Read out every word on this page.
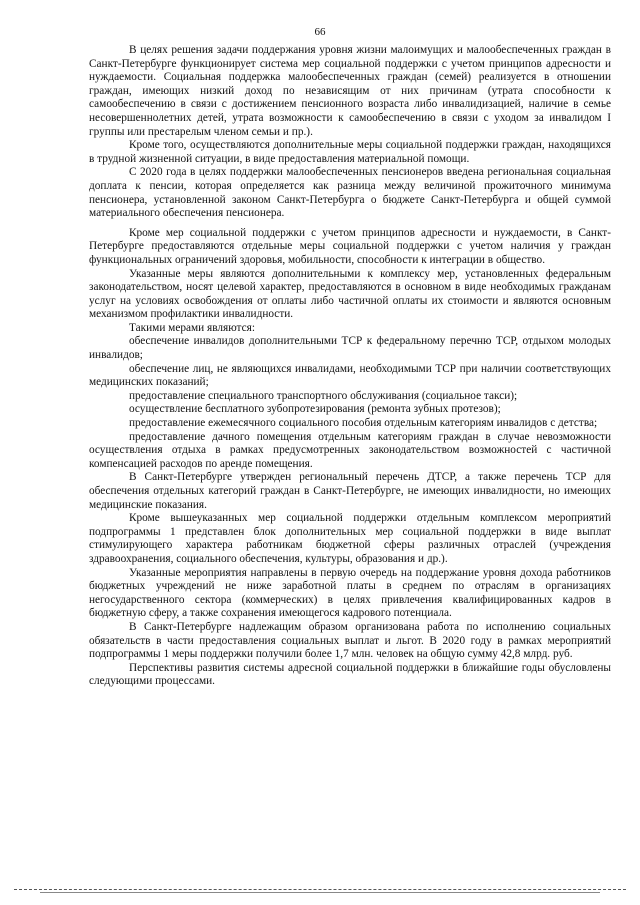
66

В целях решения задачи поддержания уровня жизни малоимущих и малообеспеченных граждан в Санкт-Петербурге функционирует система мер социальной поддержки с учетом принципов адресности и нуждаемости. Социальная поддержка малообеспеченных граждан (семей) реализуется в отношении граждан, имеющих низкий доход по независящим от них причинам (утрата способности к самообеспечению в связи с достижением пенсионного возраста либо инвалидизацией, наличие в семье несовершеннолетних детей, утрата возможности к самообеспечению в связи с уходом за инвалидом I группы или престарелым членом семьи и пр.).

Кроме того, осуществляются дополнительные меры социальной поддержки граждан, находящихся в трудной жизненной ситуации, в виде предоставления материальной помощи.

С 2020 года в целях поддержки малообеспеченных пенсионеров введена региональная социальная доплата к пенсии, которая определяется как разница между величиной прожиточного минимума пенсионера, установленной законом Санкт-Петербурга о бюджете Санкт-Петербурга и общей суммой материального обеспечения пенсионера.

Кроме мер социальной поддержки с учетом принципов адресности и нуждаемости, в Санкт-Петербурге предоставляются отдельные меры социальной поддержки с учетом наличия у граждан функциональных ограничений здоровья, мобильности, способности к интеграции в общество.

Указанные меры являются дополнительными к комплексу мер, установленных федеральным законодательством, носят целевой характер, предоставляются в основном в виде необходимых гражданам услуг на условиях освобождения от оплаты либо частичной оплаты их стоимости и являются основным механизмом профилактики инвалидности.

Такими мерами являются:

обеспечение инвалидов дополнительными ТСР к федеральному перечню ТСР, отдыхом молодых инвалидов;

обеспечение лиц, не являющихся инвалидами, необходимыми ТСР при наличии соответствующих медицинских показаний;

предоставление специального транспортного обслуживания (социальное такси);

осуществление бесплатного зубопротезирования (ремонта зубных протезов);

предоставление ежемесячного социального пособия отдельным категориям инвалидов с детства;

предоставление дачного помещения отдельным категориям граждан в случае невозможности осуществления отдыха в рамках предусмотренных законодательством возможностей с частичной компенсацией расходов по аренде помещения.

В Санкт-Петербурге утвержден региональный перечень ДТСР, а также перечень ТСР для обеспечения отдельных категорий граждан в Санкт-Петербурге, не имеющих инвалидности, но имеющих медицинские показания.

Кроме вышеуказанных мер социальной поддержки отдельным комплексом мероприятий подпрограммы 1 представлен блок дополнительных мер социальной поддержки в виде выплат стимулирующего характера работникам бюджетной сферы различных отраслей (учреждения здравоохранения, социального обеспечения, культуры, образования и др.).

Указанные мероприятия направлены в первую очередь на поддержание уровня дохода работников бюджетных учреждений не ниже заработной платы в среднем по отраслям в организациях негосударственного сектора (коммерческих) в целях привлечения квалифицированных кадров в бюджетную сферу, а также сохранения имеющегося кадрового потенциала.

В Санкт-Петербурге надлежащим образом организована работа по исполнению социальных обязательств в части предоставления социальных выплат и льгот. В 2020 году в рамках мероприятий подпрограммы 1 меры поддержки получили более 1,7 млн. человек на общую сумму 42,8 млрд. руб.

Перспективы развития системы адресной социальной поддержки в ближайшие годы обусловлены следующими процессами.
